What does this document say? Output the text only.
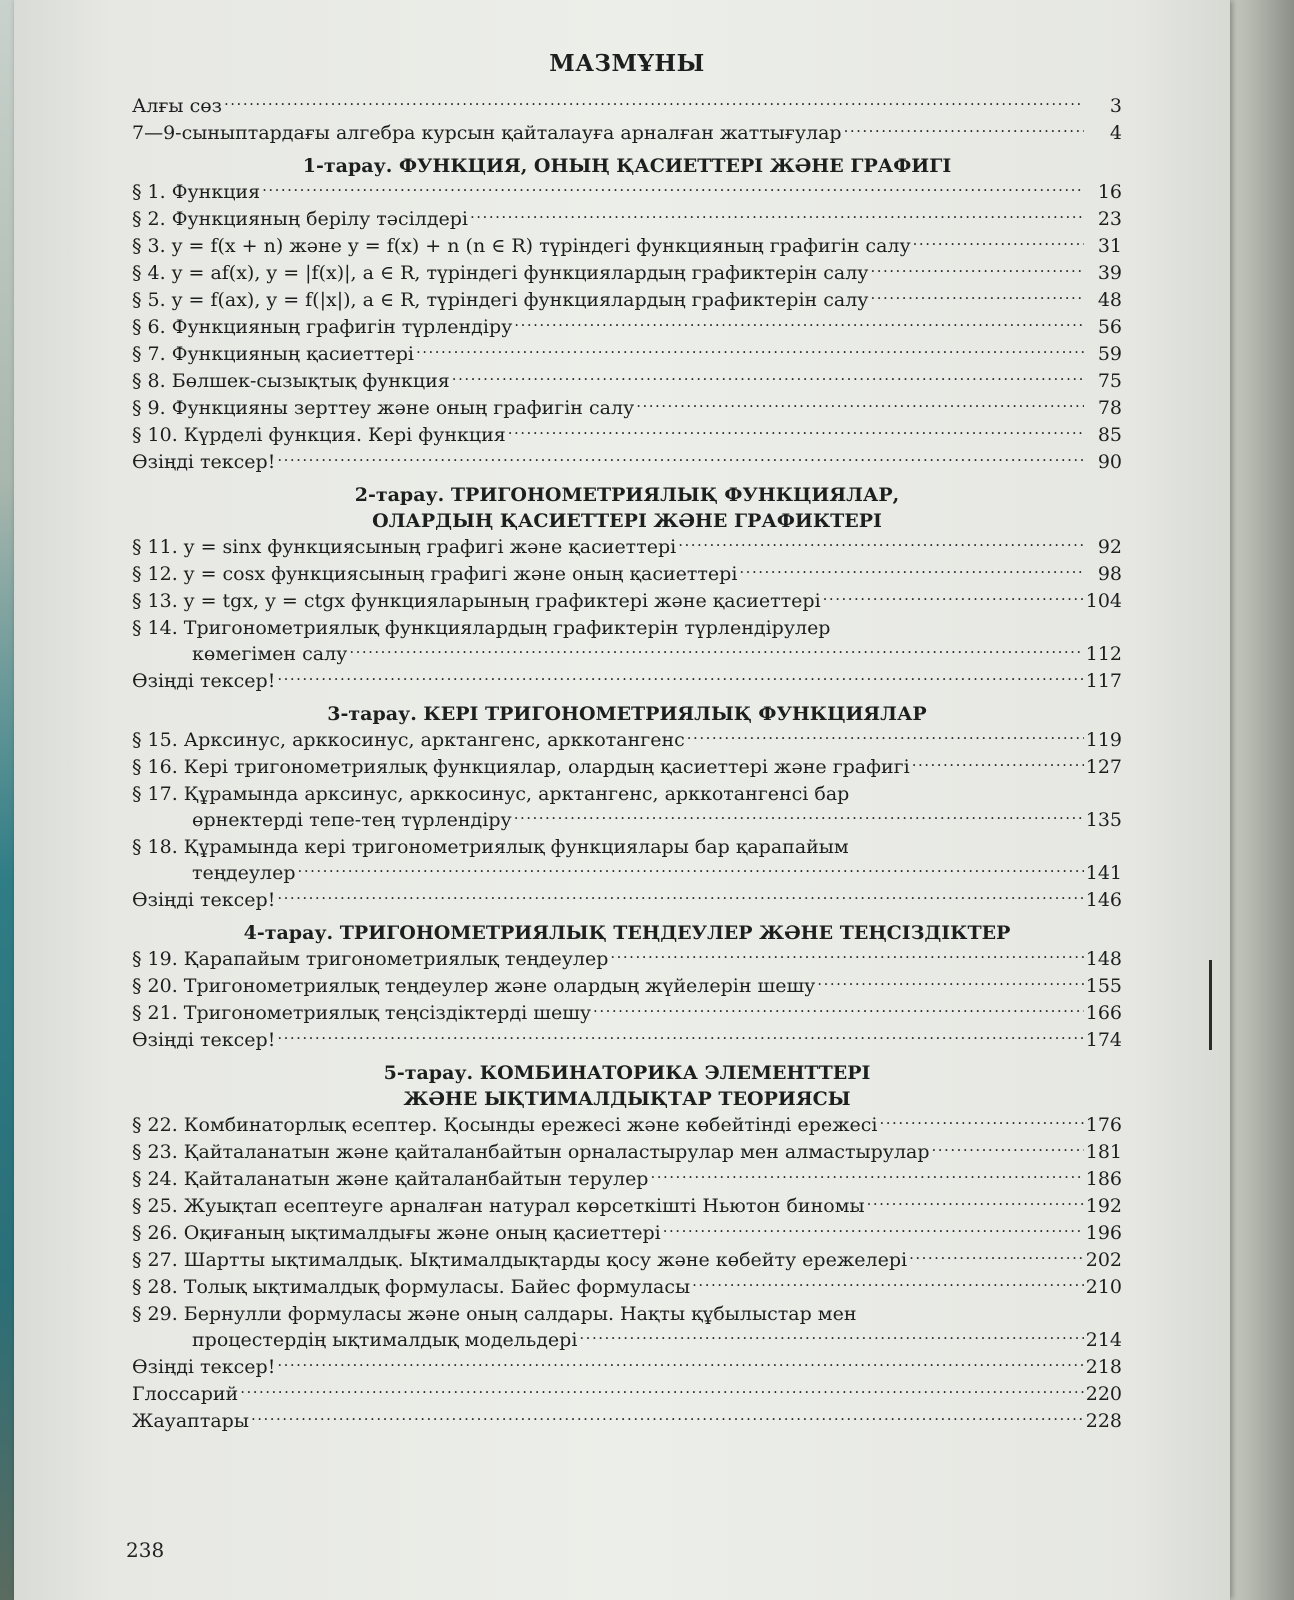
МАЗМҰНЫ
Алғы сөз .....	3
7—9-сыныптардағы алгебра курсын қайталауға арналған жаттығулар .....	4
1-тарау. ФУНКЦИЯ, ОНЫҢ ҚАСИЕТТЕРІ ЖӘНЕ ГРАФИГІ
§ 1. Функция .....	16
§ 2. Функцияның берілу тәсілдері .....	23
§ 3. y = f(x + n) және y = f(x) + n (n ∈ R) түріндегі функцияның графигін салу .....	31
§ 4. y = af(x), y = |f(x)|, a ∈ R, түріндегі функциялардың графиктерін салу .....	39
§ 5. y = f(ax), y = f(|x|), a ∈ R, түріндегі функциялардың графиктерін салу .....	48
§ 6. Функцияның графигін түрлендіру .....	56
§ 7. Функцияның қасиеттері .....	59
§ 8. Бөлшек-сызықтық функция .....	75
§ 9. Функцияны зерттеу және оның графигін салу .....	78
§ 10. Күрделі функция. Кері функция .....	85
Өзіңді тексер! .....	90
2-тарау. ТРИГОНОМЕТРИЯЛЫҚ ФУНКЦИЯЛАР,
ОЛАРДЫҢ ҚАСИЕТТЕРІ ЖӘНЕ ГРАФИКТЕРІ
§ 11. y = sinx функциясының графигі және қасиеттері .....	92
§ 12. y = cosx функциясының графигі және оның қасиеттері .....	98
§ 13. y = tgx, y = ctgx функцияларының графиктері және қасиеттері .....	104
§ 14. Тригонометриялық функциялардың графиктерін түрлендірулер
көмегімен салу .....	112
Өзіңді тексер! .....	117
3-тарау. КЕРІ ТРИГОНОМЕТРИЯЛЫҚ ФУНКЦИЯЛАР
§ 15. Арксинус, арккосинус, арктангенс, арккотангенс .....	119
§ 16. Кері тригонометриялық функциялар, олардың қасиеттері және графигі .....	127
§ 17. Құрамында арксинус, арккосинус, арктангенс, арккотангенсі бар
өрнектерді тепе-тең түрлендіру .....	135
§ 18. Құрамында кері тригонометриялық функциялары бар қарапайым
теңдеулер .....	141
Өзіңді тексер! .....	146
4-тарау. ТРИГОНОМЕТРИЯЛЫҚ ТЕҢДЕУЛЕР ЖӘНЕ ТЕҢСІЗДІКТЕР
§ 19. Қарапайым тригонометриялық теңдеулер .....	148
§ 20. Тригонометриялық теңдеулер және олардың жүйелерін шешу .....	155
§ 21. Тригонометриялық теңсіздіктерді шешу .....	166
Өзіңді тексер! .....	174
5-тарау. КОМБИНАТОРИКА ЭЛЕМЕНТТЕРІ
ЖӘНЕ ЫҚТИМАЛДЫҚТАР ТЕОРИЯСЫ
§ 22. Комбинаторлық есептер. Қосынды ережесі және көбейтінді ережесі .....	176
§ 23. Қайталанатын және қайталанбайтын орналастырулар мен алмастырулар .....	181
§ 24. Қайталанатын және қайталанбайтын терулер .....	186
§ 25. Жуықтап есептеуге арналған натурал көрсеткішті Ньютон биномы .....	192
§ 26. Оқиғаның ықтималдығы және оның қасиеттері .....	196
§ 27. Шартты ықтималдық. Ықтималдықтарды қосу және көбейту ережелері .....	202
§ 28. Толық ықтималдық формуласы. Байес формуласы .....	210
§ 29. Бернулли формуласы және оның салдары. Нақты құбылыстар мен
процестердің ықтималдық модельдері .....	214
Өзіңді тексер! .....	218
Глоссарий .....	220
Жауаптары .....	228
238
